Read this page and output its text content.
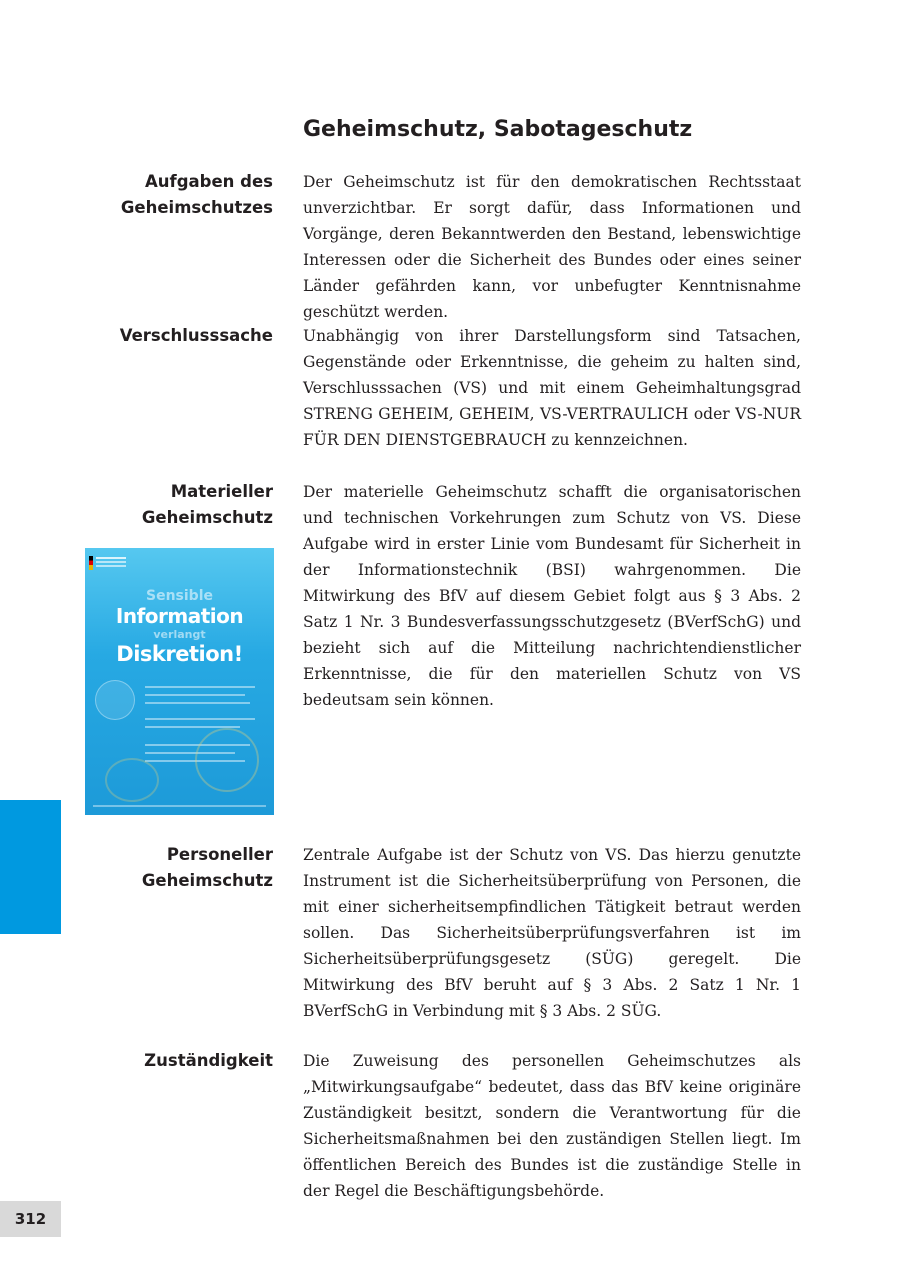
Geheimschutz, Sabotageschutz
Aufgaben des
Geheimschutzes

Der Geheimschutz ist für den demokratischen Rechtsstaat unverzichtbar. Er sorgt dafür, dass Informationen und Vorgänge, deren Bekanntwerden den Bestand, lebenswichtige Interessen oder die Sicherheit des Bundes oder eines seiner Länder gefährden kann, vor unbefugter Kenntnisnahme geschützt werden.

Verschlusssache Unabhängig von ihrer Darstellungsform sind Tatsachen, Gegenstände oder Erkenntnisse, die geheim zu halten sind, Verschlusssachen (VS) und mit einem Geheimhaltungsgrad STRENG GEHEIM, GEHEIM, VS-VERTRAULICH oder VS-NUR FÜR DEN DIENSTGEBRAUCH zu kennzeichnen.

Materieller
Geheimschutz

Der materielle Geheimschutz schafft die organisatorischen und technischen Vorkehrungen zum Schutz von VS. Diese Aufgabe wird in erster Linie vom Bundesamt für Sicherheit in der Informationstechnik (BSI) wahrgenommen. Die Mitwirkung des BfV auf diesem Gebiet folgt aus § 3 Abs. 2 Satz 1 Nr. 3 Bundesverfassungsschutzgesetz (BVerfSchG) und bezieht sich auf die Mitteilung nachrichtendienstlicher Erkenntnisse, die für den materiellen Schutz von VS bedeutsam sein können.

Sensible
Information
verlangt
Diskretion!
Personeller
Geheimschutz

Zentrale Aufgabe ist der Schutz von VS. Das hierzu genutzte Instrument ist die Sicherheitsüberprüfung von Personen, die mit einer sicherheitsempfindlichen Tätigkeit betraut werden sollen. Das Sicherheitsüberprüfungsverfahren ist im Sicherheitsüberprüfungsgesetz (SÜG) geregelt. Die Mitwirkung des BfV beruht auf § 3 Abs. 2 Satz 1 Nr. 1 BVerfSchG in Verbindung mit § 3 Abs. 2 SÜG.

Zuständigkeit Die Zuweisung des personellen Geheimschutzes als „Mitwirkungsaufgabe“ bedeutet, dass das BfV keine originäre Zuständigkeit besitzt, sondern die Verantwortung für die Sicherheitsmaßnahmen bei den zuständigen Stellen liegt. Im öffentlichen Bereich des Bundes ist die zuständige Stelle in der Regel die Beschäftigungsbehörde.

312
